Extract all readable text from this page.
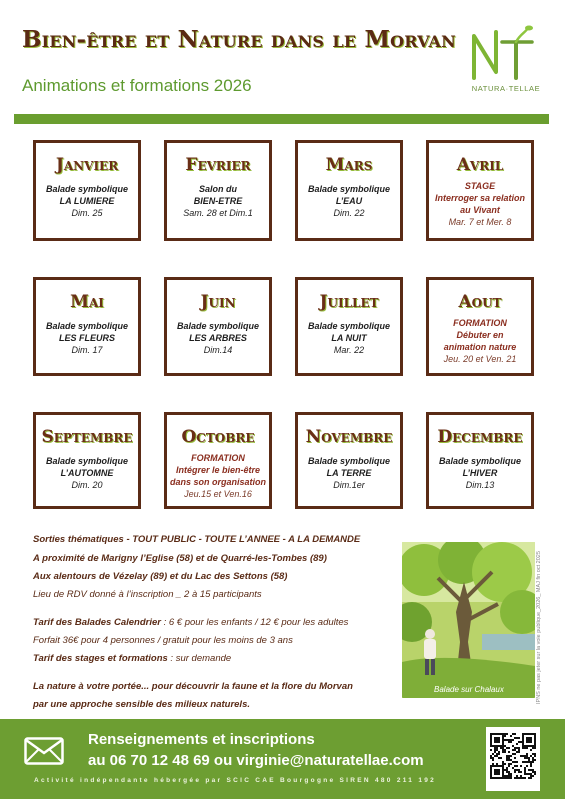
Bien-être et Nature dans le Morvan
Animations et formations 2026	NATURA·TELLAE
Janvier
Balade symbolique
LA LUMIERE
Dim. 25
Fevrier
Salon du
BIEN-ETRE
Sam. 28 et Dim.1
Mars
Balade symbolique
L’EAU
Dim. 22
Avril
STAGE
Interroger sa relation
au Vivant
Mar. 7 et Mer. 8
Mai
Balade symbolique
LES FLEURS
Dim. 17
Juin
Balade symbolique
LES ARBRES
Dim.14
Juillet
Balade symbolique
LA NUIT
Mar. 22
Aout
FORMATION
Débuter en
animation nature
Jeu. 20 et Ven. 21
Septembre
Balade symbolique
L’AUTOMNE
Dim. 20
Octobre
FORMATION
Intégrer le bien-être
dans son organisation
Jeu.15 et Ven.16
Novembre
Balade symbolique
LA TERRE
Dim.1er
Decembre
Balade symbolique
L’HIVER
Dim.13
Sorties thématiques - TOUT PUBLIC - TOUTE L’ANNEE - A LA DEMANDE
A proximité de Marigny l’Eglise (58) et de Quarré-les-Tombes (89)
Aux alentours de Vézelay (89) et du Lac des Settons (58)
Lieu de RDV donné à l’inscription _ 2 à 15 participants
Tarif des Balades Calendrier : 6 € pour les enfants / 12 € pour les adultes
Forfait 36€ pour 4 personnes / gratuit pour les moins de 3 ans
Tarif des stages et formations : sur demande
La nature à votre portée... pour découvrir la faune et la flore du Morvan
par une approche sensible des milieux naturels.
Balade sur Chalaux	IPNS ne pas jeter sur la voie publique_2026_ MAJ fin oct 2025
Renseignements et inscriptions
au 06 70 12 48 69 ou virginie@naturatellae.com
Activité indépendante hébergée par SCIC CAE Bourgogne SIREN 480 211 192
